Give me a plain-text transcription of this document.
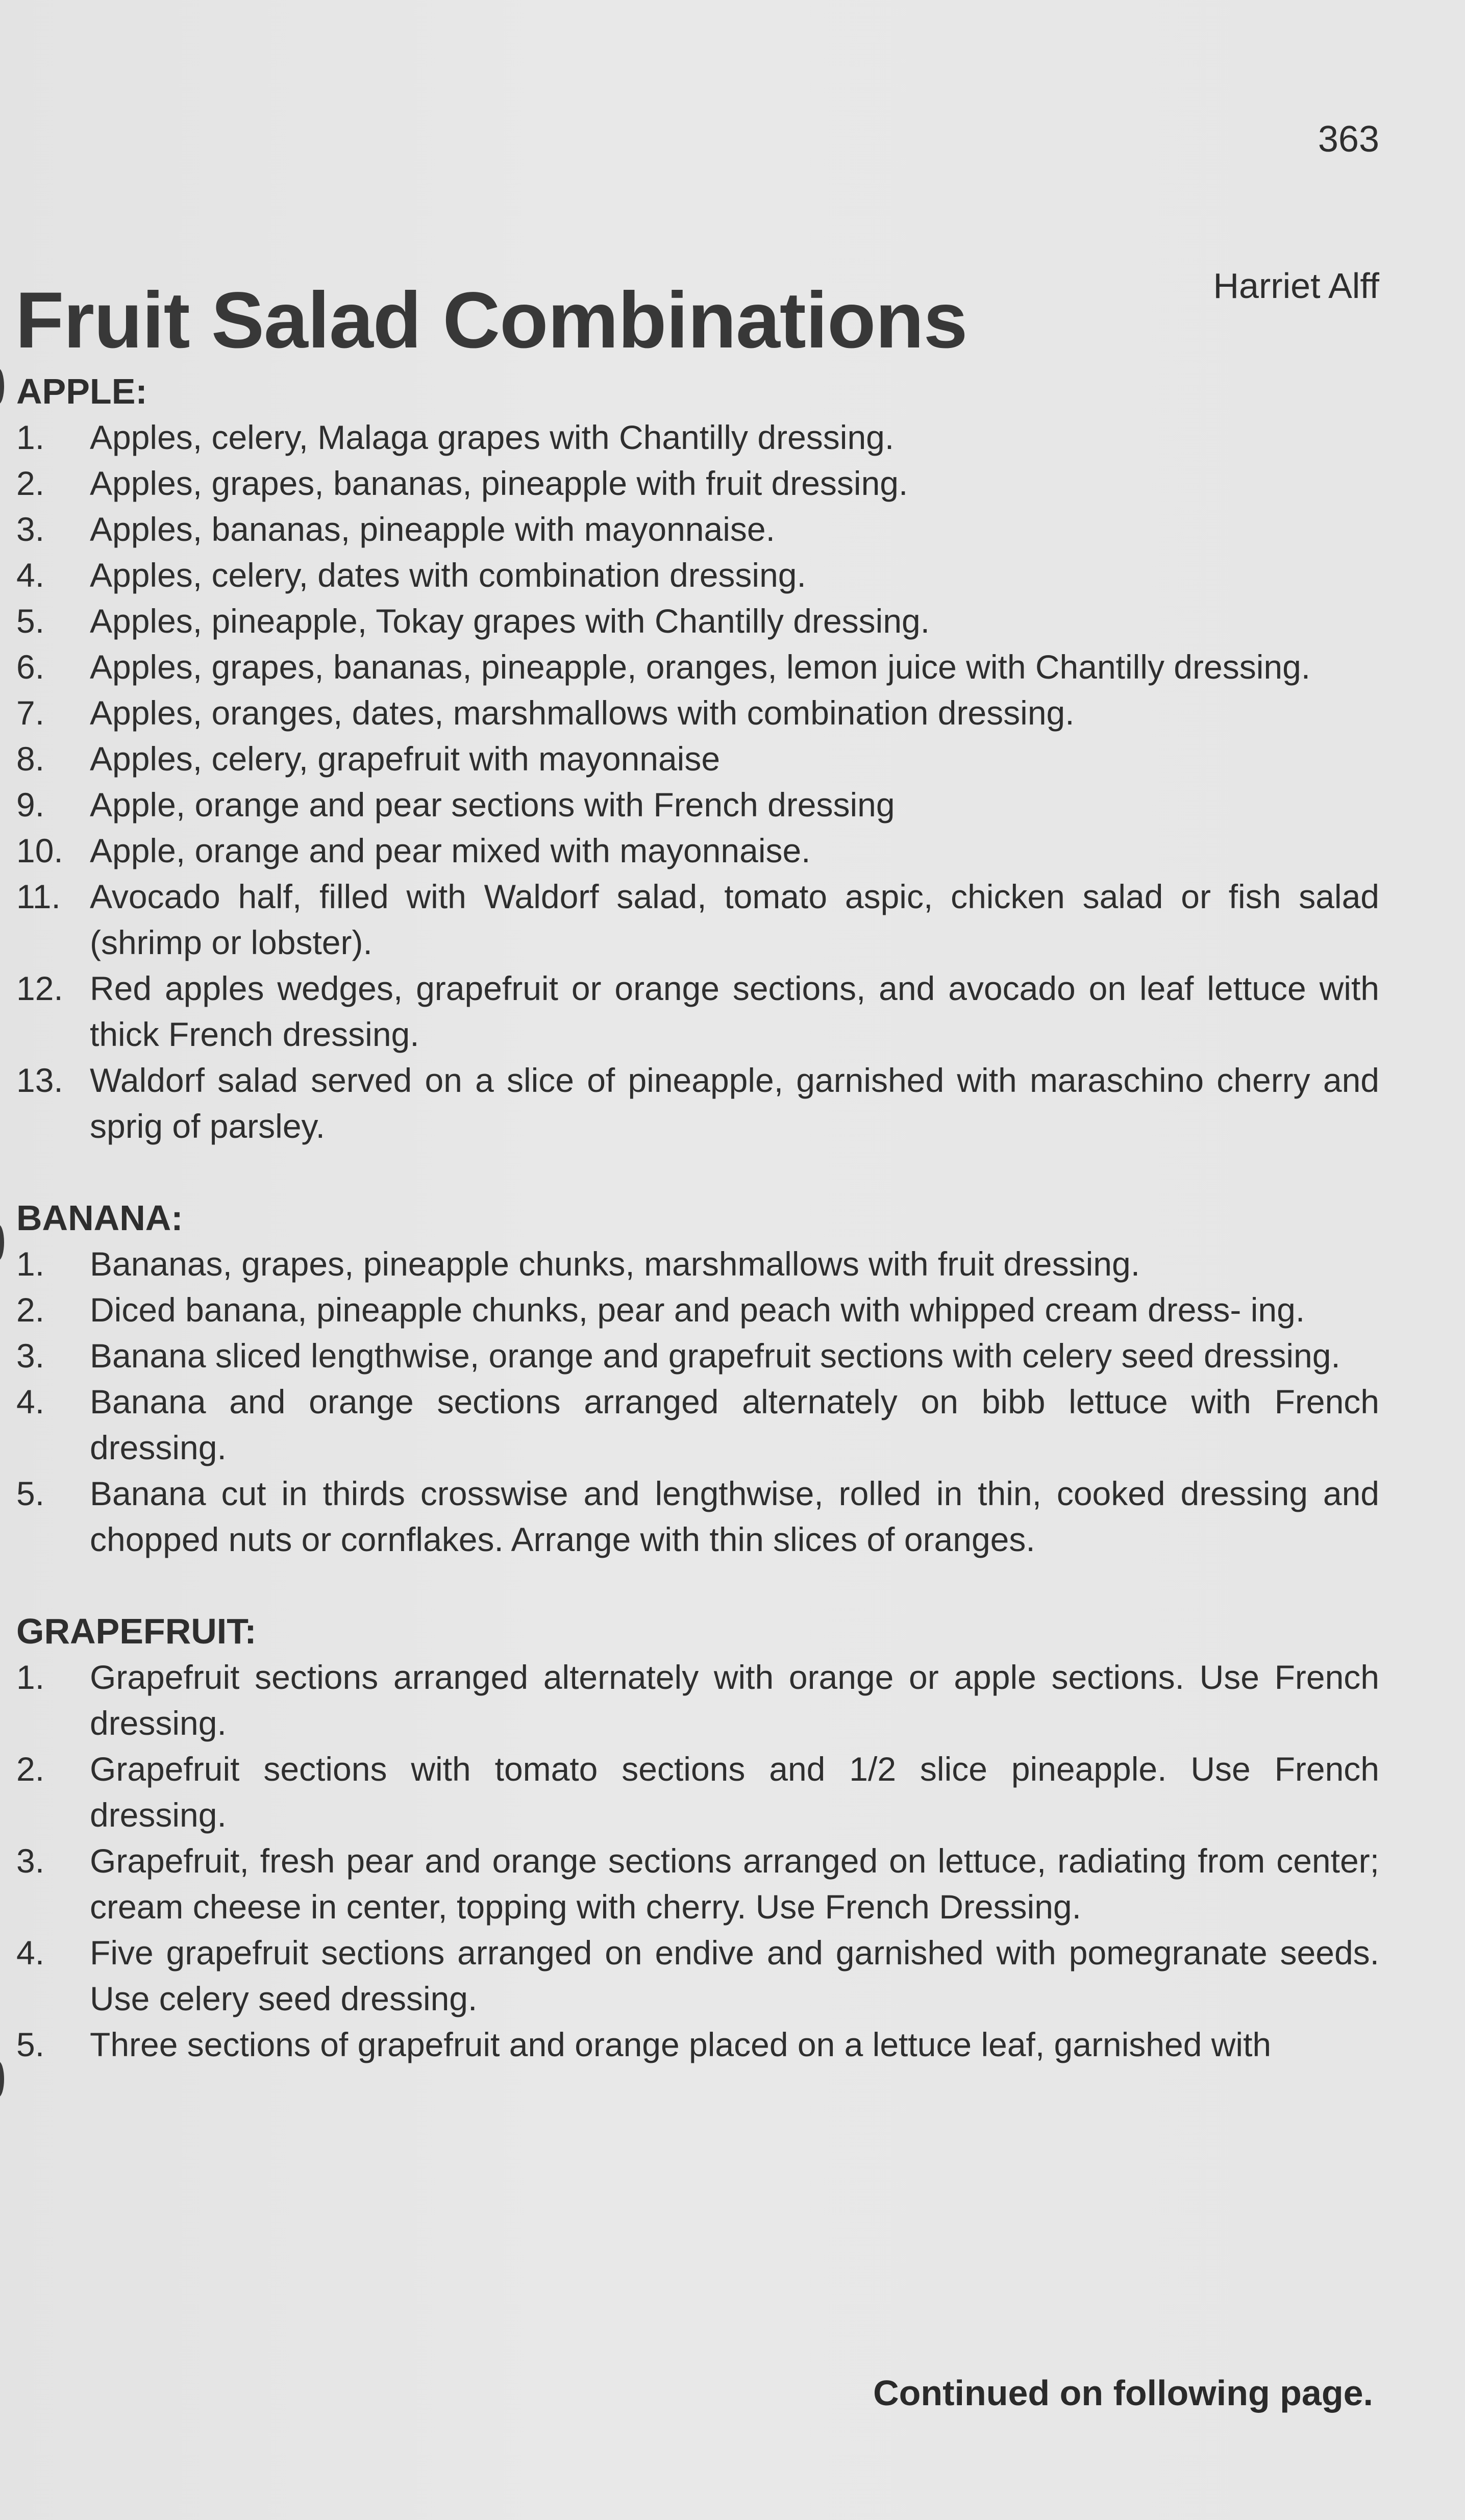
363
Fruit Salad Combinations	Harriet Alff
APPLE:
1.	Apples, celery, Malaga grapes with Chantilly dressing.
2.	Apples, grapes, bananas, pineapple with fruit dressing.
3.	Apples, bananas, pineapple with mayonnaise.
4.	Apples, celery, dates with combination dressing.
5.	Apples, pineapple, Tokay grapes with Chantilly dressing.
6.	Apples, grapes, bananas, pineapple, oranges, lemon juice with Chantilly dressing.
7.	Apples, oranges, dates, marshmallows with combination dressing.
8.	Apples, celery, grapefruit with mayonnaise
9.	Apple, orange and pear sections with French dressing
10. Apple, orange and pear mixed with mayonnaise.
11. Avocado half, filled with Waldorf salad, tomato aspic, chicken salad or fish salad (shrimp or lobster).
12. Red apples wedges, grapefruit or orange sections, and avocado on leaf lettuce with thick French dressing.
13. Waldorf salad served on a slice of pineapple, garnished with maraschino cherry and sprig of parsley.
BANANA:
1.	Bananas, grapes, pineapple chunks, marshmallows with fruit dressing.
2.	Diced banana, pineapple chunks, pear and peach with whipped cream dress- ing.
3.	Banana sliced lengthwise, orange and grapefruit sections with celery seed dressing.
4.	Banana and orange sections arranged alternately on bibb lettuce with French dressing.
5.	Banana cut in thirds crosswise and lengthwise, rolled in thin, cooked dressing and chopped nuts or cornflakes. Arrange with thin slices of oranges.
GRAPEFRUIT:
1.	Grapefruit sections arranged alternately with orange or apple sections. Use French dressing.
2.	Grapefruit sections with tomato sections and 1/2 slice pineapple. Use French dressing.
3.	Grapefruit, fresh pear and orange sections arranged on lettuce, radiating from center; cream cheese in center, topping with cherry. Use French Dressing.
4.	Five grapefruit sections arranged on endive and garnished with pomegranate seeds. Use celery seed dressing.
5.	Three sections of grapefruit and orange placed on a lettuce leaf, garnished with
Continued on following page.
